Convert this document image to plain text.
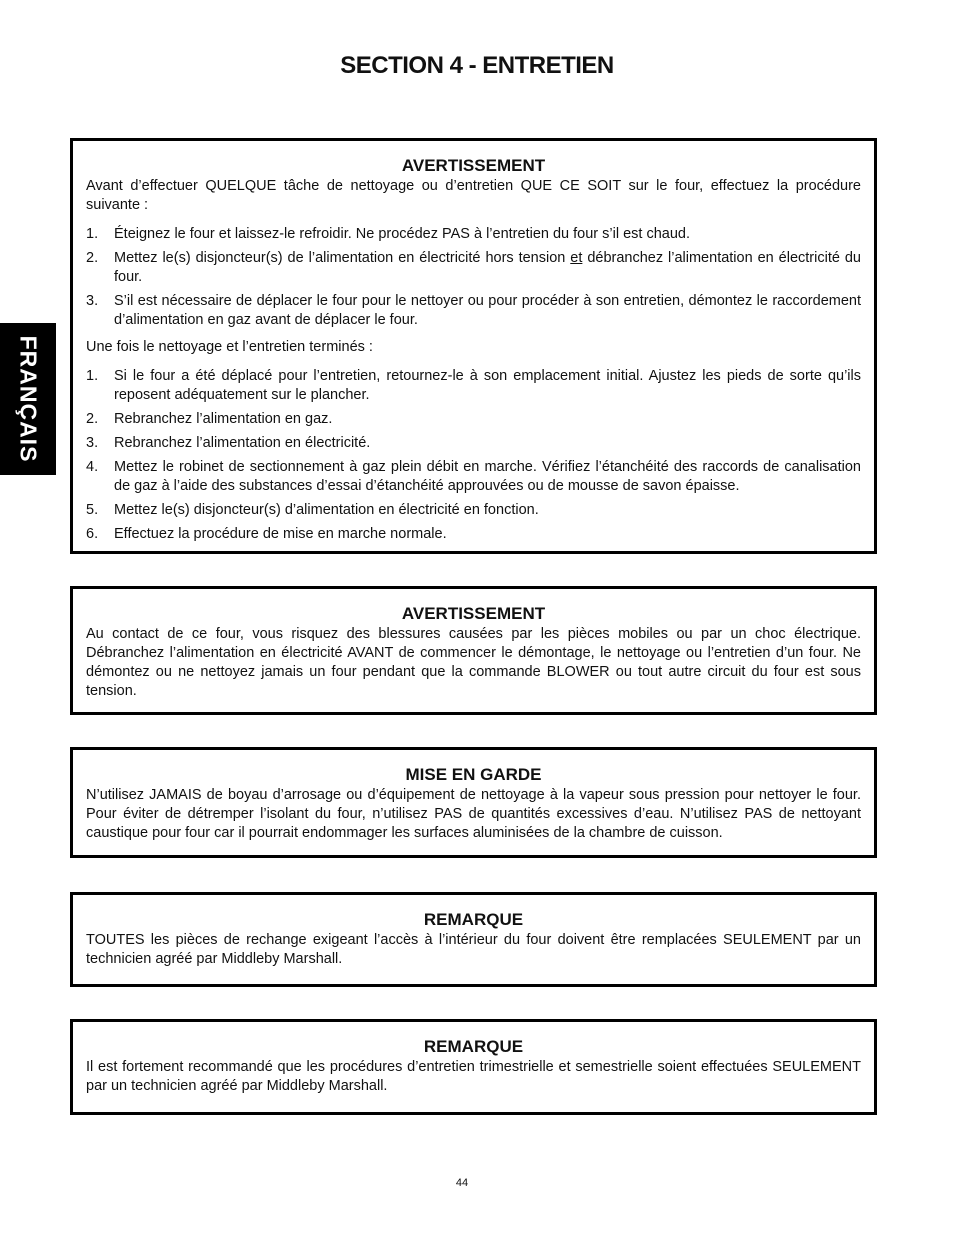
SECTION 4 - ENTRETIEN
FRANÇAIS
AVERTISSEMENT
Avant d’effectuer QUELQUE tâche de nettoyage ou d’entretien QUE CE SOIT sur le four, effectuez la procédure suivante :
1. Éteignez le four et laissez-le refroidir. Ne procédez PAS à l’entretien du four s’il est chaud.
2. Mettez le(s) disjoncteur(s) de l’alimentation en électricité hors tension et débranchez l’alimentation en électricité du four.
3. S’il est nécessaire de déplacer le four pour le nettoyer ou pour procéder à son entretien, démontez le raccordement d’alimentation en gaz avant de déplacer le four.
Une fois le nettoyage et l’entretien terminés :
1. Si le four a été déplacé pour l’entretien, retournez-le à son emplacement initial. Ajustez les pieds de sorte qu’ils reposent adéquatement sur le plancher.
2. Rebranchez l’alimentation en gaz.
3. Rebranchez l’alimentation en électricité.
4. Mettez le robinet de sectionnement à gaz plein débit en marche. Vérifiez l’étanchéité des raccords de canalisation de gaz à l’aide des substances d’essai d’étanchéité approuvées ou de mousse de savon épaisse.
5. Mettez le(s) disjoncteur(s) d’alimentation en électricité en fonction.
6. Effectuez la procédure de mise en marche normale.
AVERTISSEMENT
Au contact de ce four, vous risquez des blessures causées par les pièces mobiles ou par un choc électrique. Débranchez l’alimentation en électricité AVANT de commencer le démontage, le nettoyage ou l’entretien d’un four. Ne démontez ou ne nettoyez jamais un four pendant que la commande BLOWER ou tout autre circuit du four est sous tension.
MISE EN GARDE
N’utilisez JAMAIS de boyau d’arrosage ou d’équipement de nettoyage à la vapeur sous pression pour nettoyer le four. Pour éviter de détremper l’isolant du four, n’utilisez PAS de quantités excessives d’eau. N’utilisez PAS de nettoyant caustique pour four car il pourrait endommager les surfaces aluminisées de la chambre de cuisson.
REMARQUE
TOUTES les pièces de rechange exigeant l’accès à l’intérieur du four doivent être remplacées SEULEMENT par un technicien agréé par Middleby Marshall.
REMARQUE
Il est fortement recommandé que les procédures d’entretien trimestrielle et semestrielle soient effectuées SEULEMENT par un technicien agréé par Middleby Marshall.
44
